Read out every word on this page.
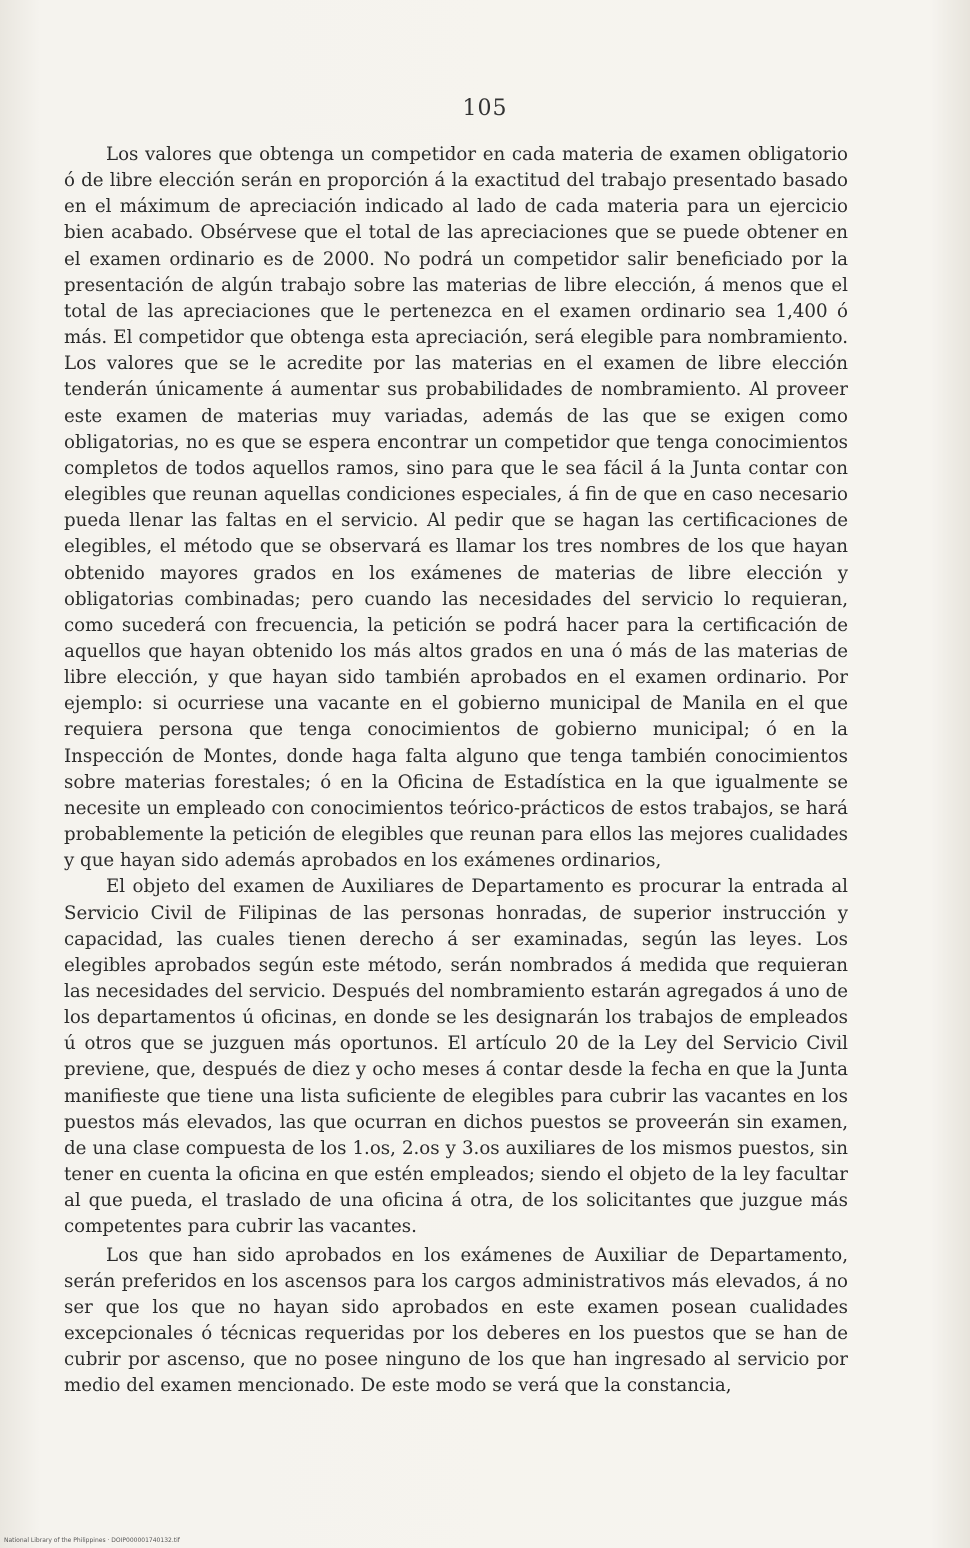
105

Los valores que obtenga un competidor en cada materia de examen obligatorio ó de libre elección serán en proporción á la exactitud del trabajo presentado basado en el máximum de apreciación indicado al lado de cada materia para un ejercicio bien acabado. Obsérvese que el total de las apreciaciones que se puede obtener en el examen ordinario es de 2000. No podrá un competidor salir beneficiado por la presentación de algún trabajo sobre las materias de libre elección, á menos que el total de las apreciaciones que le pertenezca en el examen ordinario sea 1,400 ó más. El competidor que obtenga esta apreciación, será elegible para nombramiento. Los valores que se le acredite por las materias en el examen de libre elección tenderán únicamente á aumentar sus probabilidades de nombramiento. Al proveer este examen de materias muy variadas, además de las que se exigen como obligatorias, no es que se espera encontrar un competidor que tenga conocimientos completos de todos aquellos ramos, sino para que le sea fácil á la Junta contar con elegibles que reunan aquellas condiciones especiales, á fin de que en caso necesario pueda llenar las faltas en el servicio. Al pedir que se hagan las certificaciones de elegibles, el método que se observará es llamar los tres nombres de los que hayan obtenido mayores grados en los exámenes de materias de libre elección y obligatorias combinadas; pero cuando las necesidades del servicio lo requieran, como sucederá con frecuencia, la petición se podrá hacer para la certificación de aquellos que hayan obtenido los más altos grados en una ó más de las materias de libre elección, y que hayan sido también aprobados en el examen ordinario. Por ejemplo: si ocurriese una vacante en el gobierno municipal de Manila en el que requiera persona que tenga conocimientos de gobierno municipal; ó en la Inspección de Montes, donde haga falta alguno que tenga también conocimientos sobre materias forestales; ó en la Oficina de Estadística en la que igualmente se necesite un empleado con conocimientos teórico-prácticos de estos trabajos, se hará probablemente la petición de elegibles que reunan para ellos las mejores cualidades y que hayan sido además aprobados en los exámenes ordinarios,

El objeto del examen de Auxiliares de Departamento es procurar la entrada al Servicio Civil de Filipinas de las personas honradas, de superior instrucción y capacidad, las cuales tienen derecho á ser examinadas, según las leyes. Los elegibles aprobados según este método, serán nombrados á medida que requieran las necesidades del servicio. Después del nombramiento estarán agregados á uno de los departamentos ú oficinas, en donde se les designarán los trabajos de empleados ú otros que se juzguen más oportunos. El artículo 20 de la Ley del Servicio Civil previene, que, después de diez y ocho meses á contar desde la fecha en que la Junta manifieste que tiene una lista suficiente de elegibles para cubrir las vacantes en los puestos más elevados, las que ocurran en dichos puestos se proveerán sin examen, de una clase compuesta de los 1.os, 2.os y 3.os auxiliares de los mismos puestos, sin tener en cuenta la oficina en que estén empleados; siendo el objeto de la ley facultar al que pueda, el traslado de una oficina á otra, de los solicitantes que juzgue más competentes para cubrir las vacantes.

Los que han sido aprobados en los exámenes de Auxiliar de Departamento, serán preferidos en los ascensos para los cargos administrativos más elevados, á no ser que los que no hayan sido aprobados en este examen posean cualidades excepcionales ó técnicas requeridas por los deberes en los puestos que se han de cubrir por ascenso, que no posee ninguno de los que han ingresado al servicio por medio del examen mencionado. De este modo se verá que la constancia,

National Library of the Philippines · DOIP000001740132.tif
